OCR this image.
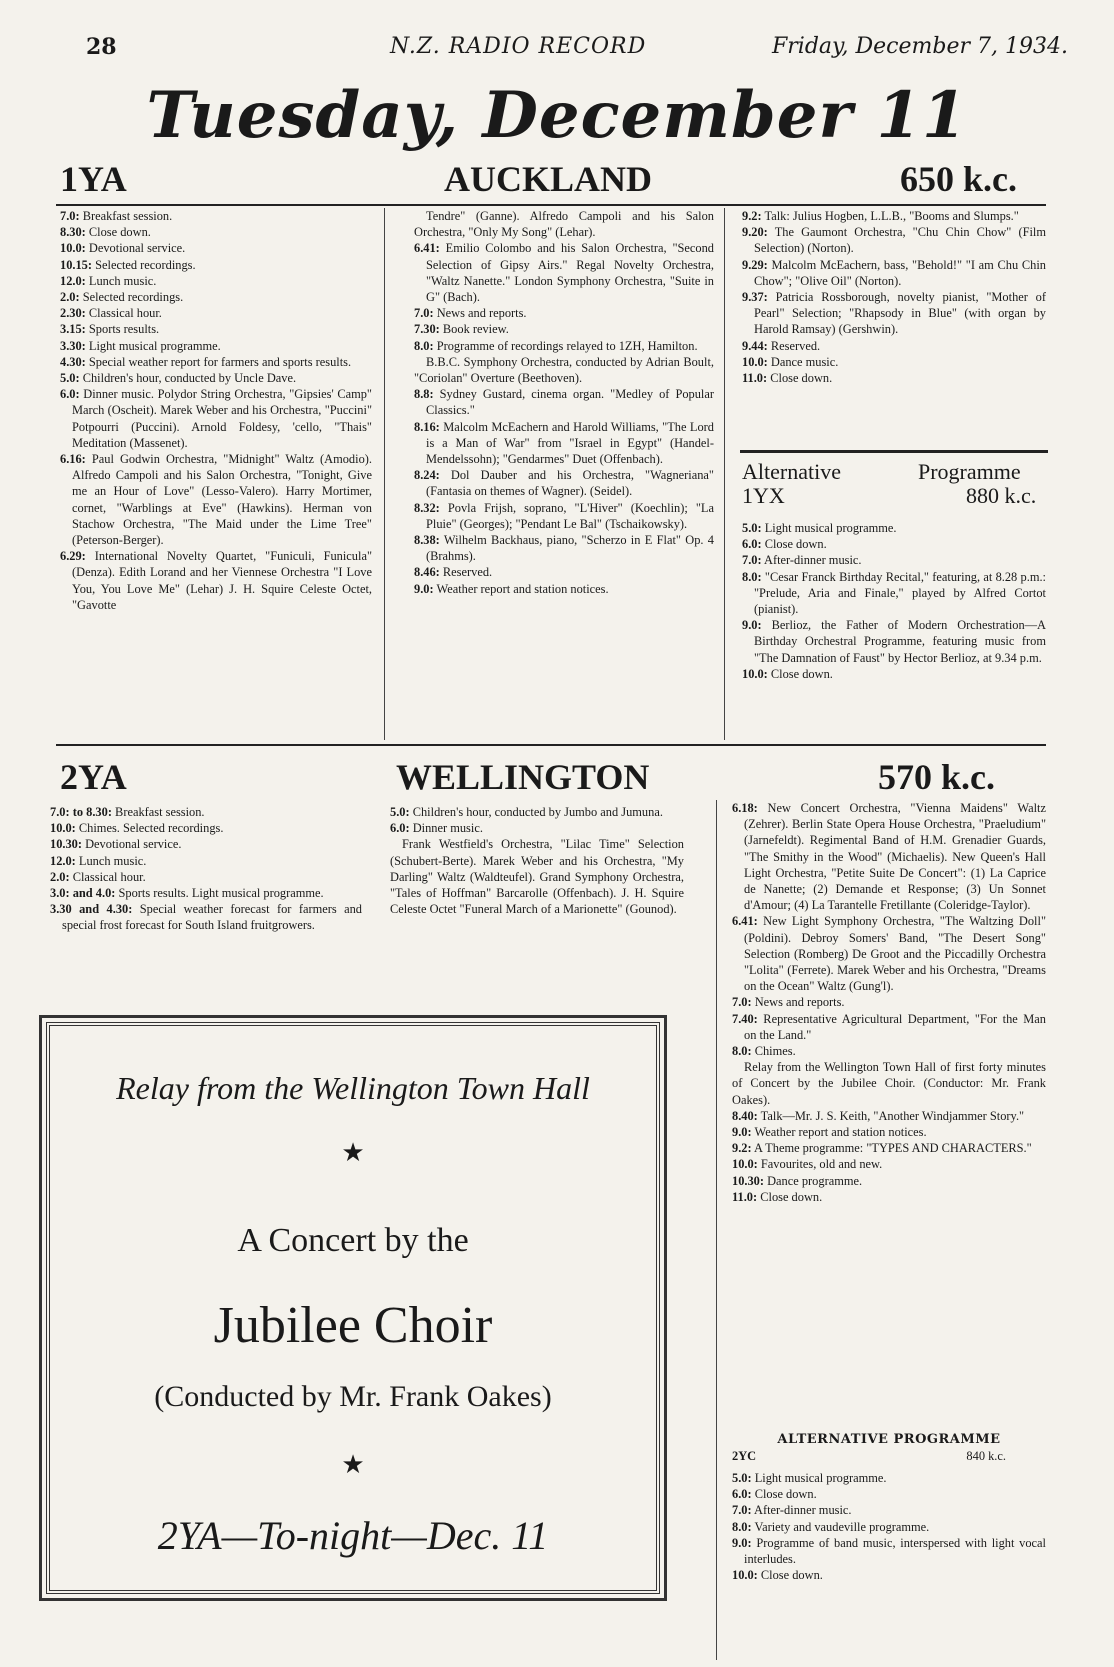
28	N.Z. RADIO RECORD	Friday, December 7, 1934.
Tuesday, December 11
1YA	AUCKLAND	650 k.c.

7.0: Breakfast session.

8.30: Close down.

10.0: Devotional service.

10.15: Selected recordings.

12.0: Lunch music.

2.0: Selected recordings.

2.30: Classical hour.

3.15: Sports results.

3.30: Light musical programme.

4.30: Special weather report for farmers and sports results.

5.0: Children's hour, conducted by Uncle Dave.

6.0: Dinner music. Polydor String Orchestra, "Gipsies' Camp" March (Oscheit). Marek Weber and his Orchestra, "Puccini" Potpourri (Puccini). Arnold Foldesy, 'cello, "Thais" Meditation (Massenet).

6.16: Paul Godwin Orchestra, "Midnight" Waltz (Amodio). Alfredo Campoli and his Salon Orchestra, "Tonight, Give me an Hour of Love" (Lesso-Valero). Harry Mortimer, cornet, "Warblings at Eve" (Hawkins). Herman von Stachow Orchestra, "The Maid under the Lime Tree" (Peterson-Berger).

6.29: International Novelty Quartet, "Funiculi, Funicula" (Denza). Edith Lorand and her Viennese Orchestra "I Love You, You Love Me" (Lehar) J. H. Squire Celeste Octet, "Gavotte

Tendre" (Ganne). Alfredo Campoli and his Salon Orchestra, "Only My Song" (Lehar).

6.41: Emilio Colombo and his Salon Orchestra, "Second Selection of Gipsy Airs." Regal Novelty Orchestra, "Waltz Nanette." London Symphony Orchestra, "Suite in G" (Bach).

7.0: News and reports.

7.30: Book review.

8.0: Programme of recordings relayed to 1ZH, Hamilton.

B.B.C. Symphony Orchestra, conducted by Adrian Boult, "Coriolan" Overture (Beethoven).

8.8: Sydney Gustard, cinema organ. "Medley of Popular Classics."

8.16: Malcolm McEachern and Harold Williams, "The Lord is a Man of War" from "Israel in Egypt" (Handel-Mendelssohn); "Gendarmes" Duet (Offenbach).

8.24: Dol Dauber and his Orchestra, "Wagneriana" (Fantasia on themes of Wagner). (Seidel).

8.32: Povla Frijsh, soprano, "L'Hiver" (Koechlin); "La Pluie" (Georges); "Pendant Le Bal" (Tschaikowsky).

8.38: Wilhelm Backhaus, piano, "Scherzo in E Flat" Op. 4 (Brahms).

8.46: Reserved.

9.0: Weather report and station notices.

9.2: Talk: Julius Hogben, L.L.B., "Booms and Slumps."

9.20: The Gaumont Orchestra, "Chu Chin Chow" (Film Selection) (Norton).

9.29: Malcolm McEachern, bass, "Behold!" "I am Chu Chin Chow"; "Olive Oil" (Norton).

9.37: Patricia Rossborough, novelty pianist, "Mother of Pearl" Selection; "Rhapsody in Blue" (with organ by Harold Ramsay) (Gershwin).

9.44: Reserved.

10.0: Dance music.

11.0: Close down.

Alternative	Programme
1YX	880 k.c.

5.0: Light musical programme.

6.0: Close down.

7.0: After-dinner music.

8.0: "Cesar Franck Birthday Recital," featuring, at 8.28 p.m.: "Prelude, Aria and Finale," played by Alfred Cortot (pianist).

9.0: Berlioz, the Father of Modern Orchestration—A Birthday Orchestral Programme, featuring music from "The Damnation of Faust" by Hector Berlioz, at 9.34 p.m.

10.0: Close down.

2YA	WELLINGTON	570 k.c.

7.0: to 8.30: Breakfast session.

10.0: Chimes. Selected recordings.

10.30: Devotional service.

12.0: Lunch music.

2.0: Classical hour.

3.0: and 4.0: Sports results. Light musical programme.

3.30 and 4.30: Special weather forecast for farmers and special frost forecast for South Island fruitgrowers.

5.0: Children's hour, conducted by Jumbo and Jumuna.

6.0: Dinner music.

Frank Westfield's Orchestra, "Lilac Time" Selection (Schubert-Berte). Marek Weber and his Orchestra, "My Darling" Waltz (Waldteufel). Grand Symphony Orchestra, "Tales of Hoffman" Barcarolle (Offenbach). J. H. Squire Celeste Octet "Funeral March of a Marionette" (Gounod).

6.18: New Concert Orchestra, "Vienna Maidens" Waltz (Zehrer). Berlin State Opera House Orchestra, "Praeludium" (Jarnefeldt). Regimental Band of H.M. Grenadier Guards, "The Smithy in the Wood" (Michaelis). New Queen's Hall Light Orchestra, "Petite Suite De Concert": (1) La Caprice de Nanette; (2) Demande et Response; (3) Un Sonnet d'Amour; (4) La Tarantelle Fretillante (Coleridge-Taylor).

6.41: New Light Symphony Orchestra, "The Waltzing Doll" (Poldini). Debroy Somers' Band, "The Desert Song" Selection (Romberg) De Groot and the Piccadilly Orchestra "Lolita" (Ferrete). Marek Weber and his Orchestra, "Dreams on the Ocean" Waltz (Gung'l).

7.0: News and reports.

7.40: Representative Agricultural Department, "For the Man on the Land."

8.0: Chimes.

Relay from the Wellington Town Hall of first forty minutes of Concert by the Jubilee Choir. (Conductor: Mr. Frank Oakes).

8.40: Talk—Mr. J. S. Keith, "Another Windjammer Story."

9.0: Weather report and station notices.

9.2: A Theme programme: "TYPES AND CHARACTERS."

10.0: Favourites, old and new.

10.30: Dance programme.

11.0: Close down.

ALTERNATIVE PROGRAMME
2YC	840 k.c.

5.0: Light musical programme.

6.0: Close down.

7.0: After-dinner music.

8.0: Variety and vaudeville programme.

9.0: Programme of band music, interspersed with light vocal interludes.

10.0: Close down.

Relay from the Wellington Town Hall
★
A Concert by the
Jubilee Choir
(Conducted by Mr. Frank Oakes)
★
2YA—To-night—Dec. 11
